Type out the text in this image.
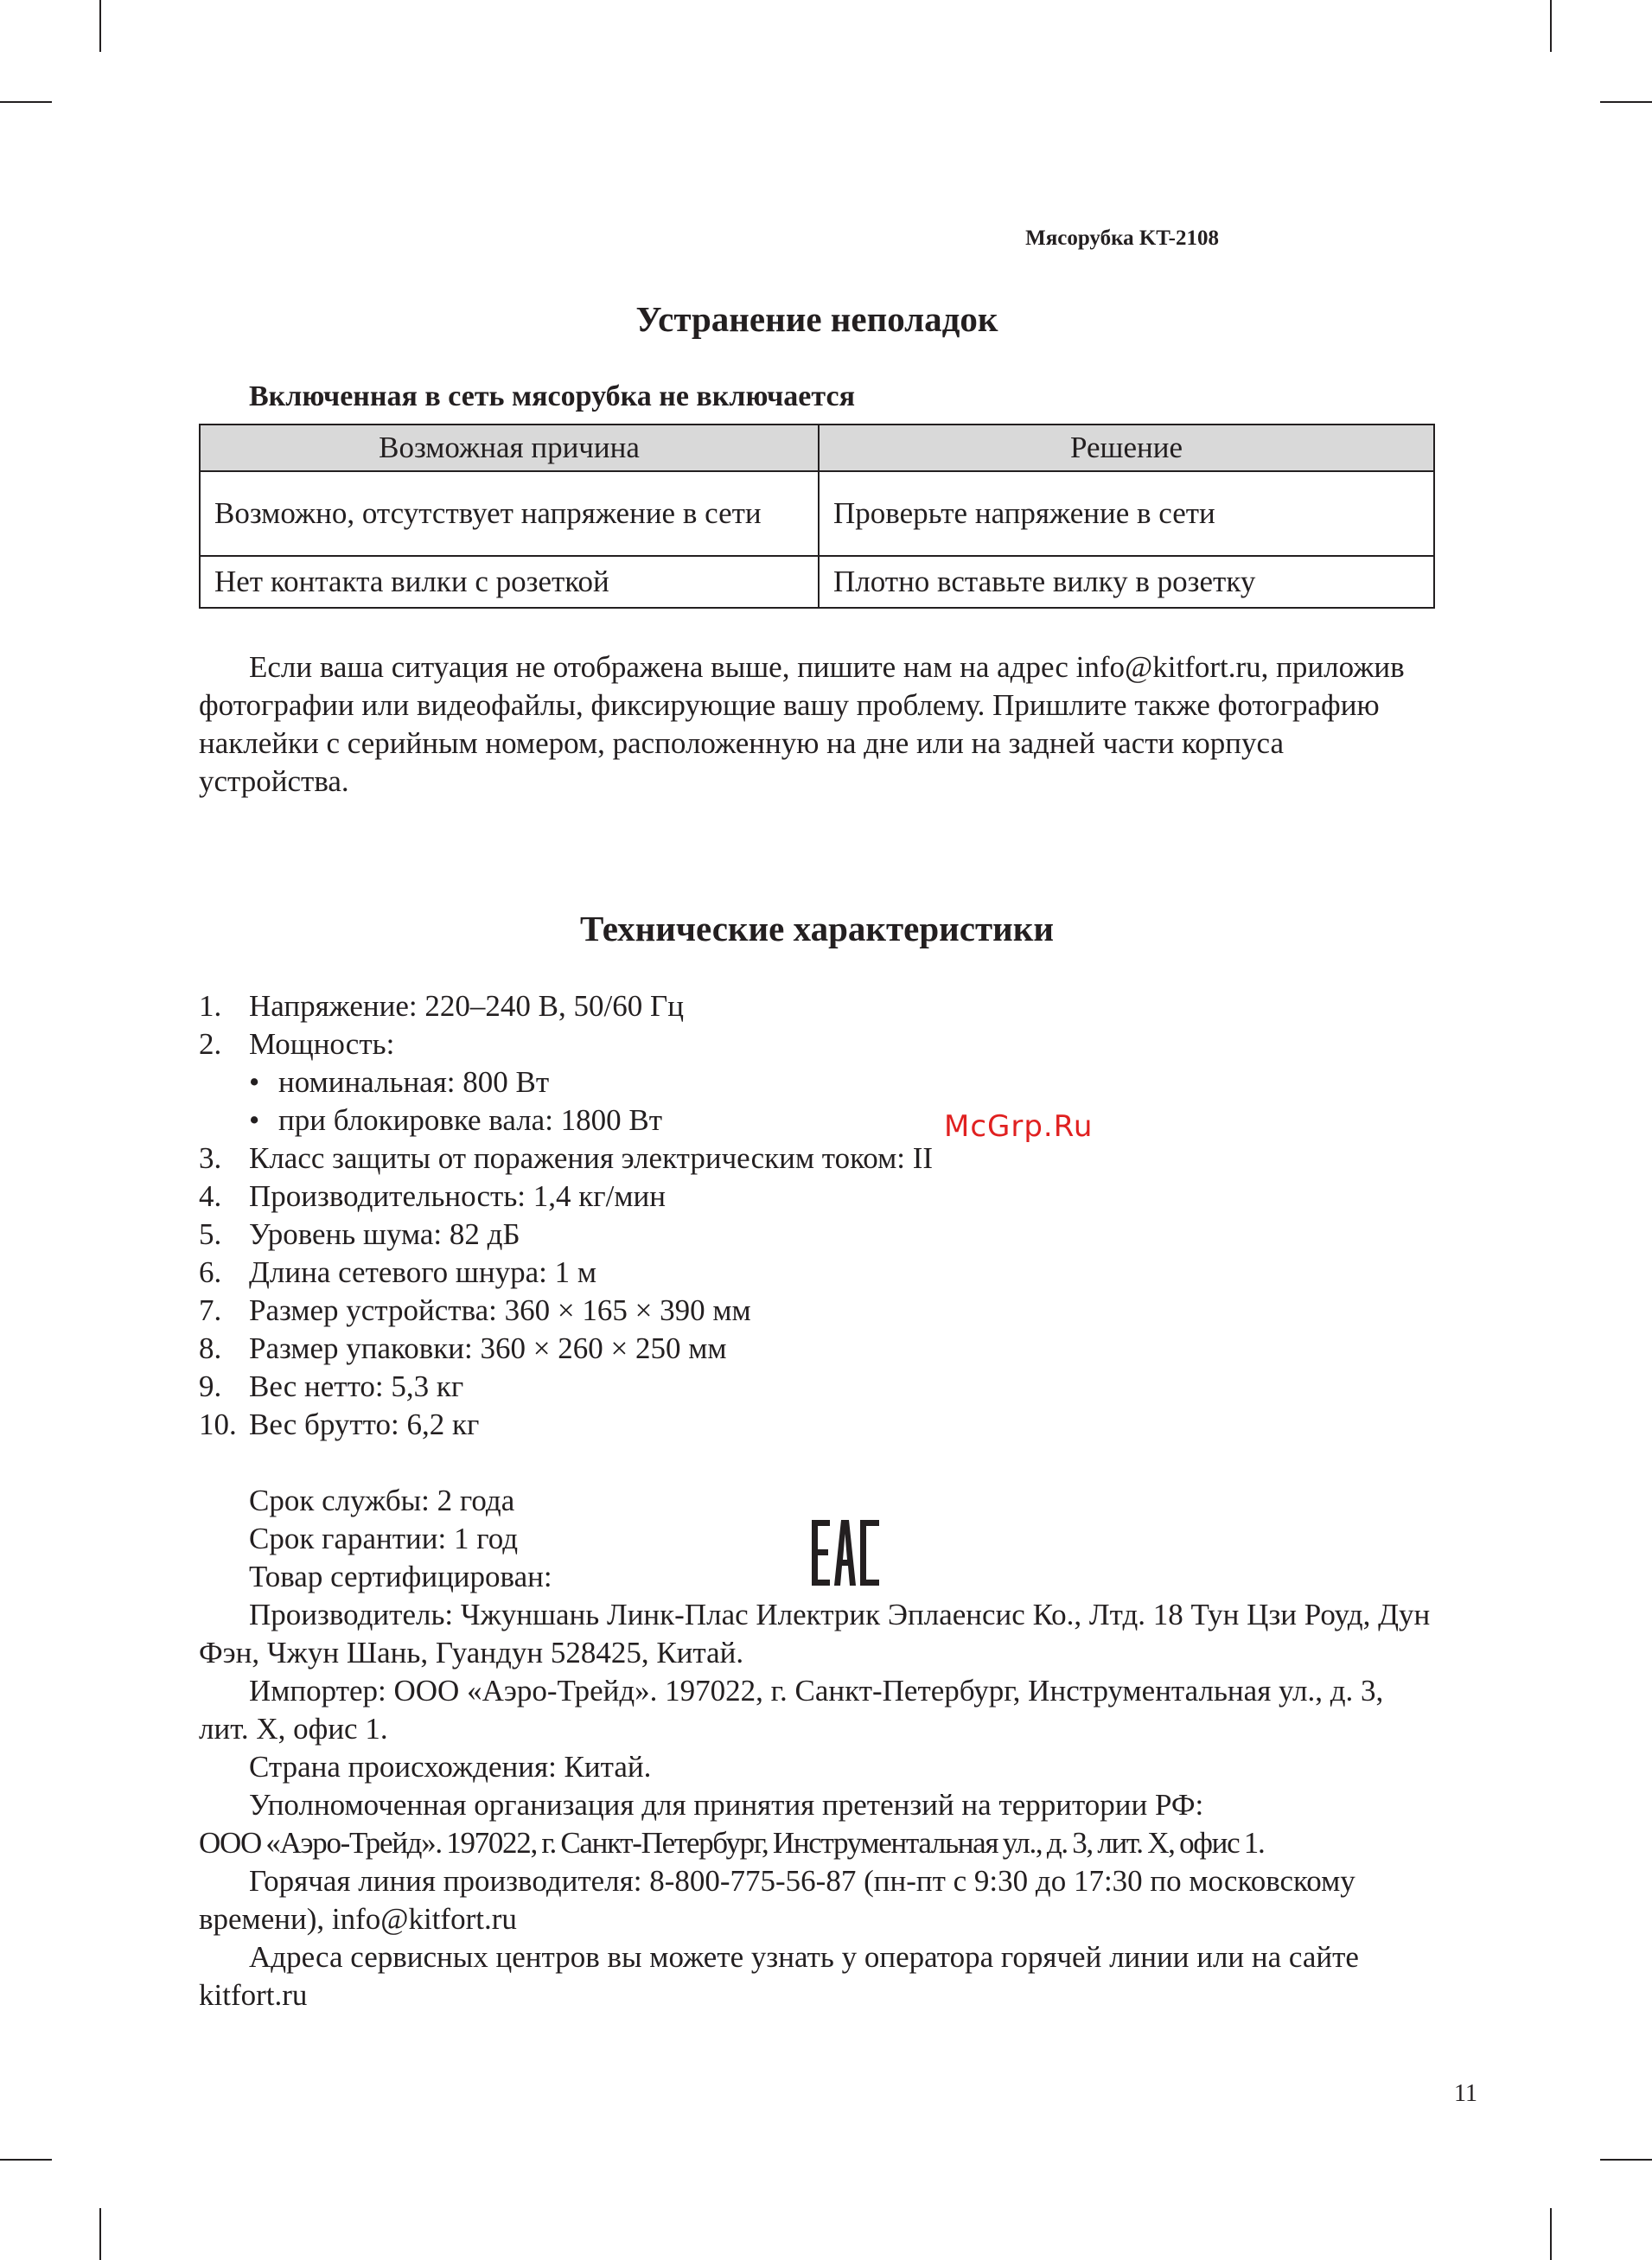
Мясорубка KT-2108
Устранение неполадок
Включенная в сеть мясорубка не включается
Возможная причина	Решение
Возможно, отсутствует напряжение в сети	Проверьте напряжение в сети
Нет контакта вилки с розеткой	Плотно вставьте вилку в розетку

Если ваша ситуация не отображена выше, пишите нам на адрес info@kitfort.ru, приложив фотографии или видеофайлы, фиксирующие вашу проблему. Пришлите также фотографию наклейки с серийным номером, расположенную на дне или на задней части корпуса устройства.

Технические характеристики
1. Напряжение: 220–240 В, 50/60 Гц
2. Мощность:
• номинальная: 800 Вт
• при блокировке вала: 1800 Вт
3. Класс защиты от поражения электрическим током: II
4. Производительность: 1,4 кг/мин
5. Уровень шума: 82 дБ
6. Длина сетевого шнура: 1 м
7. Размер устройства: 360 × 165 × 390 мм
8. Размер упаковки: 360 × 260 × 250 мм
9. Вес нетто: 5,3 кг
10. Вес брутто: 6,2 кг
McGrp.Ru

Срок службы: 2 года

Срок гарантии: 1 год

Товар сертифицирован:

Производитель: Чжуншань Линк-Плас Илектрик Эплаенсис Ко., Лтд. 18 Тун Цзи Роуд, Дун Фэн, Чжун Шань, Гуандун 528425, Китай.

Импортер: ООО «Аэро-Трейд». 197022, г. Санкт-Петербург, Инструментальная ул., д. 3, лит. Х, офис 1.

Страна происхождения: Китай.

Уполномоченная организация для принятия претензий на территории РФ:

ООО «Аэро-Трейд». 197022, г. Санкт-Петербург, Инструментальная ул., д. 3, лит. Х, офис 1.

Горячая линия производителя: 8-800-775-56-87 (пн-пт с 9:30 до 17:30 по московскому времени), info@kitfort.ru

Адреса сервисных центров вы можете узнать у оператора горячей линии или на сайте kitfort.ru

11
